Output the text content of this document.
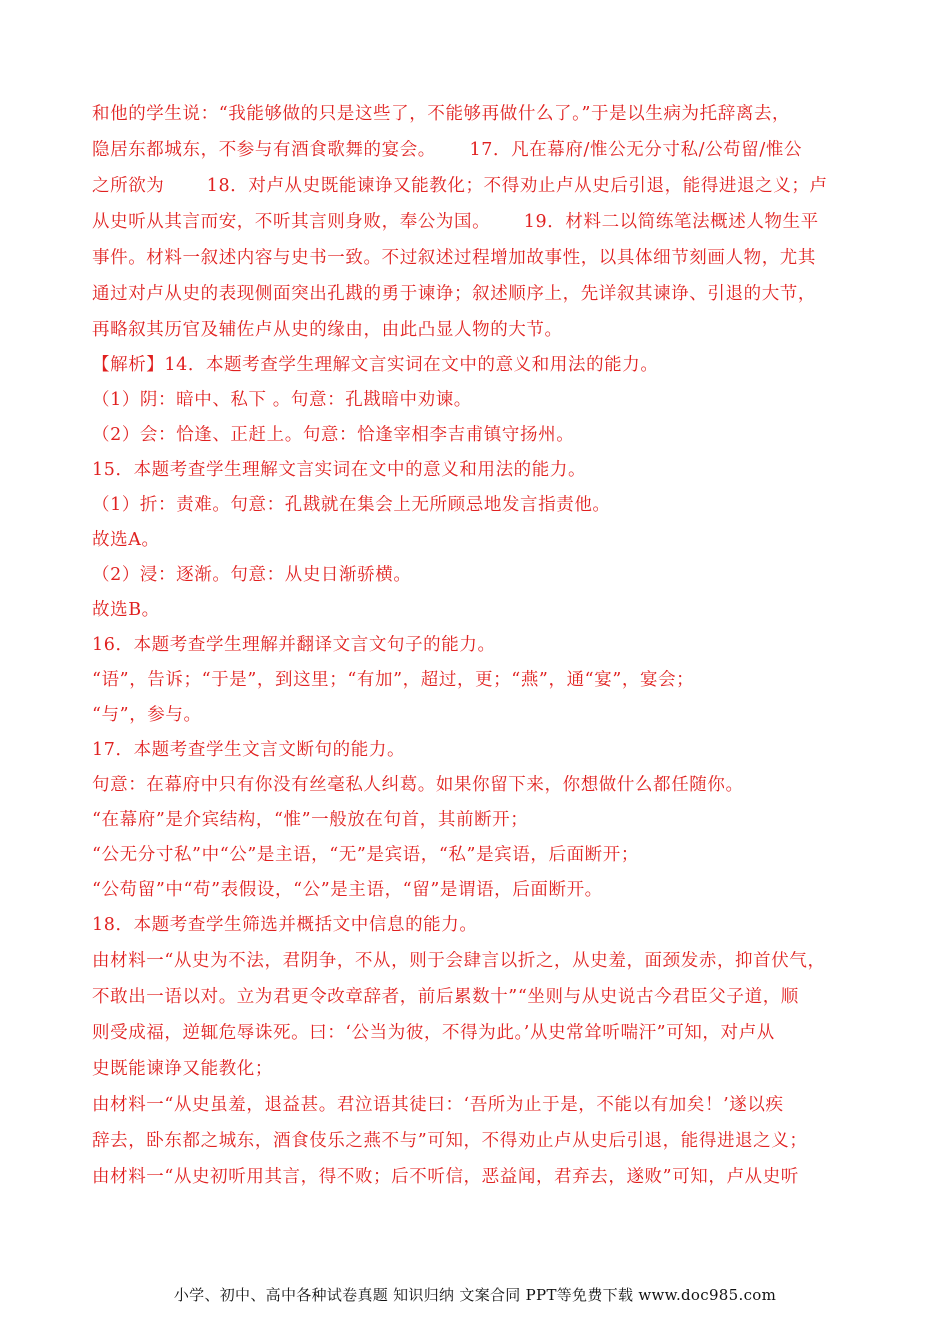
和他的学生说：“我能够做的只是这些了，不能够再做什么了。”于是以生病为托辞离去，
隐居东都城东，不参与有酒食歌舞的宴会。　　 17．凡在幕府/惟公无分寸私/公苟留/惟公
之所欲为　　 18．对卢从史既能谏诤又能教化；不得劝止卢从史后引退，能得进退之义；卢
从史听从其言而安，不听其言则身败，奉公为国。　　 19．材料二以简练笔法概述人物生平
事件。材料一叙述内容与史书一致。不过叙述过程增加故事性，以具体细节刻画人物，尤其
通过对卢从史的表现侧面突出孔戡的勇于谏诤；叙述顺序上，先详叙其谏诤、引退的大节，
再略叙其历官及辅佐卢从史的缘由，由此凸显人物的大节。
【解析】14．本题考查学生理解文言实词在文中的意义和用法的能力。
（1）阴：暗中、私下 。句意：孔戡暗中劝谏。
（2）会：恰逢、正赶上。句意：恰逢宰相李吉甫镇守扬州。
15．本题考查学生理解文言实词在文中的意义和用法的能力。
（1）折：责难。句意：孔戡就在集会上无所顾忌地发言指责他。
故选A。
（2）浸：逐渐。句意：从史日渐骄横。
故选B。
16．本题考查学生理解并翻译文言文句子的能力。
“语”，告诉；“于是”，到这里；“有加”，超过，更；“燕”，通“宴”，宴会；
“与”，参与。
17．本题考查学生文言文断句的能力。
句意：在幕府中只有你没有丝毫私人纠葛。如果你留下来，你想做什么都任随你。
“在幕府”是介宾结构，“惟”一般放在句首，其前断开；
“公无分寸私”中“公”是主语，“无”是宾语，“私”是宾语，后面断开；
“公苟留”中“苟”表假设，“公”是主语，“留”是谓语，后面断开。
18．本题考查学生筛选并概括文中信息的能力。
由材料一“从史为不法，君阴争，不从，则于会肆言以折之，从史羞，面颈发赤，抑首伏气，
不敢出一语以对。立为君更令改章辞者，前后累数十”“坐则与从史说古今君臣父子道，顺
则受成福，逆辄危辱诛死。曰：‘公当为彼，不得为此。’从史常耸听喘汗”可知，对卢从
史既能谏诤又能教化；
由材料一“从史虽羞，退益甚。君泣语其徒曰：‘吾所为止于是，不能以有加矣！’遂以疾
辞去，卧东都之城东，酒食伎乐之燕不与”可知，不得劝止卢从史后引退，能得进退之义；
由材料一“从史初听用其言，得不败；后不听信，恶益闻，君弃去，遂败”可知，卢从史听
小学、初中、高中各种试卷真题 知识归纳 文案合同 PPT等免费下载 www.doc985.com
